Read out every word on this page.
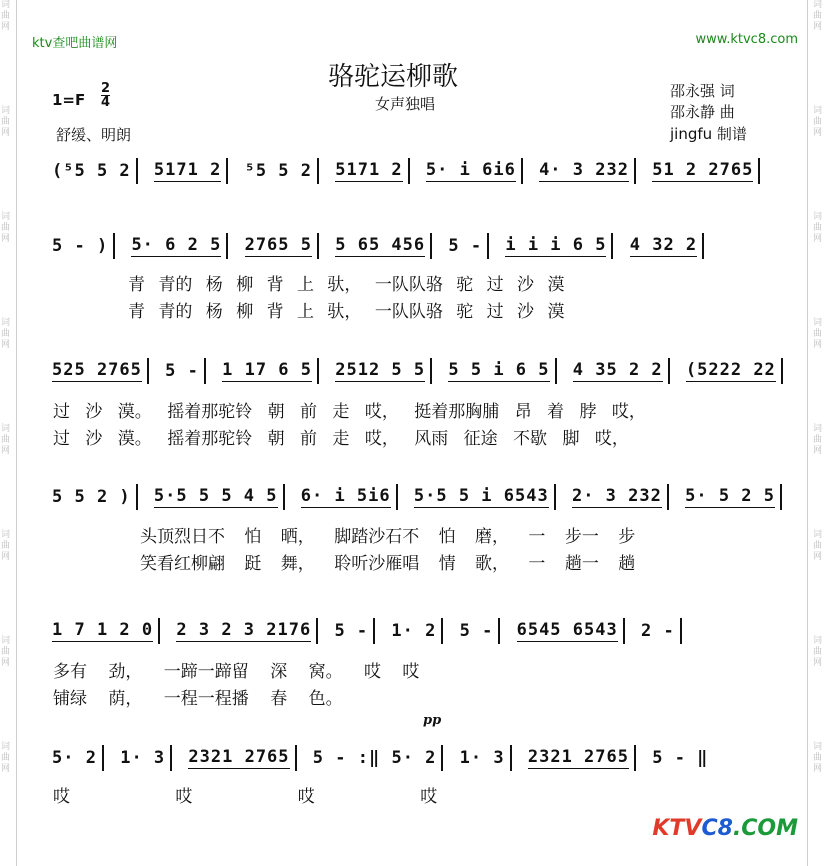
词曲网
词曲网
词曲网
词曲网
词曲网
词曲网
词曲网
词曲网
词曲网
词曲网
词曲网
词曲网
词曲网
词曲网
词曲网
词曲网
ktv查吧曲谱网	www.ktvc8.com
骆驼运柳歌
女声独唱
邵永强 词
邵永静 曲
jingfu 制谱
1=F
2
4
舒缓、明朗
(⁵5 5 2 5171 2 ⁵5 5 2 5171 2 5· i 6i6 4· 3 232 51 2 2765
5 - ) 5· 6 2 5 2765 5 5 65 456 5 - i i i 6 5 4 32 2
青 青的 杨 柳 背 上 驮， 一队队骆 驼 过 沙 漠
青 青的 杨 柳 背 上 驮， 一队队骆 驼 过 沙 漠
525 2765 5 - 1 17 6 5 2512 5 5 5 5 i 6 5 4 35 2 2 (5222 22
过 沙 漠。 摇着那驼铃 朝 前 走 哎， 挺着那胸脯 昂 着 脖 哎，
过 沙 漠。 摇着那驼铃 朝 前 走 哎， 风雨 征途 不歇 脚 哎，
5 5 2 ) 5·5 5 5 4 5 6· i 5i6 5·5 5 i 6543 2· 3 232 5· 5 2 5
头顶烈日不 怕 晒， 脚踏沙石不 怕 磨， 一 步一 步
笑看红柳翩 跹 舞， 聆听沙雁唱 情 歌， 一 趟一 趟
1 7 1 2 0 2 3 2 3 2176 5 - 1· 2 5 - 6545 6543 2 -
多有 劲， 一蹄一蹄留 深 窝。 哎 哎
铺绿 荫， 一程一程播 春 色。
pp
5· 2 1· 3 2321 2765 5 - :‖ 5· 2 1· 3 2321 2765 5 - ‖
哎 哎 哎 哎
KTVC8.COM
